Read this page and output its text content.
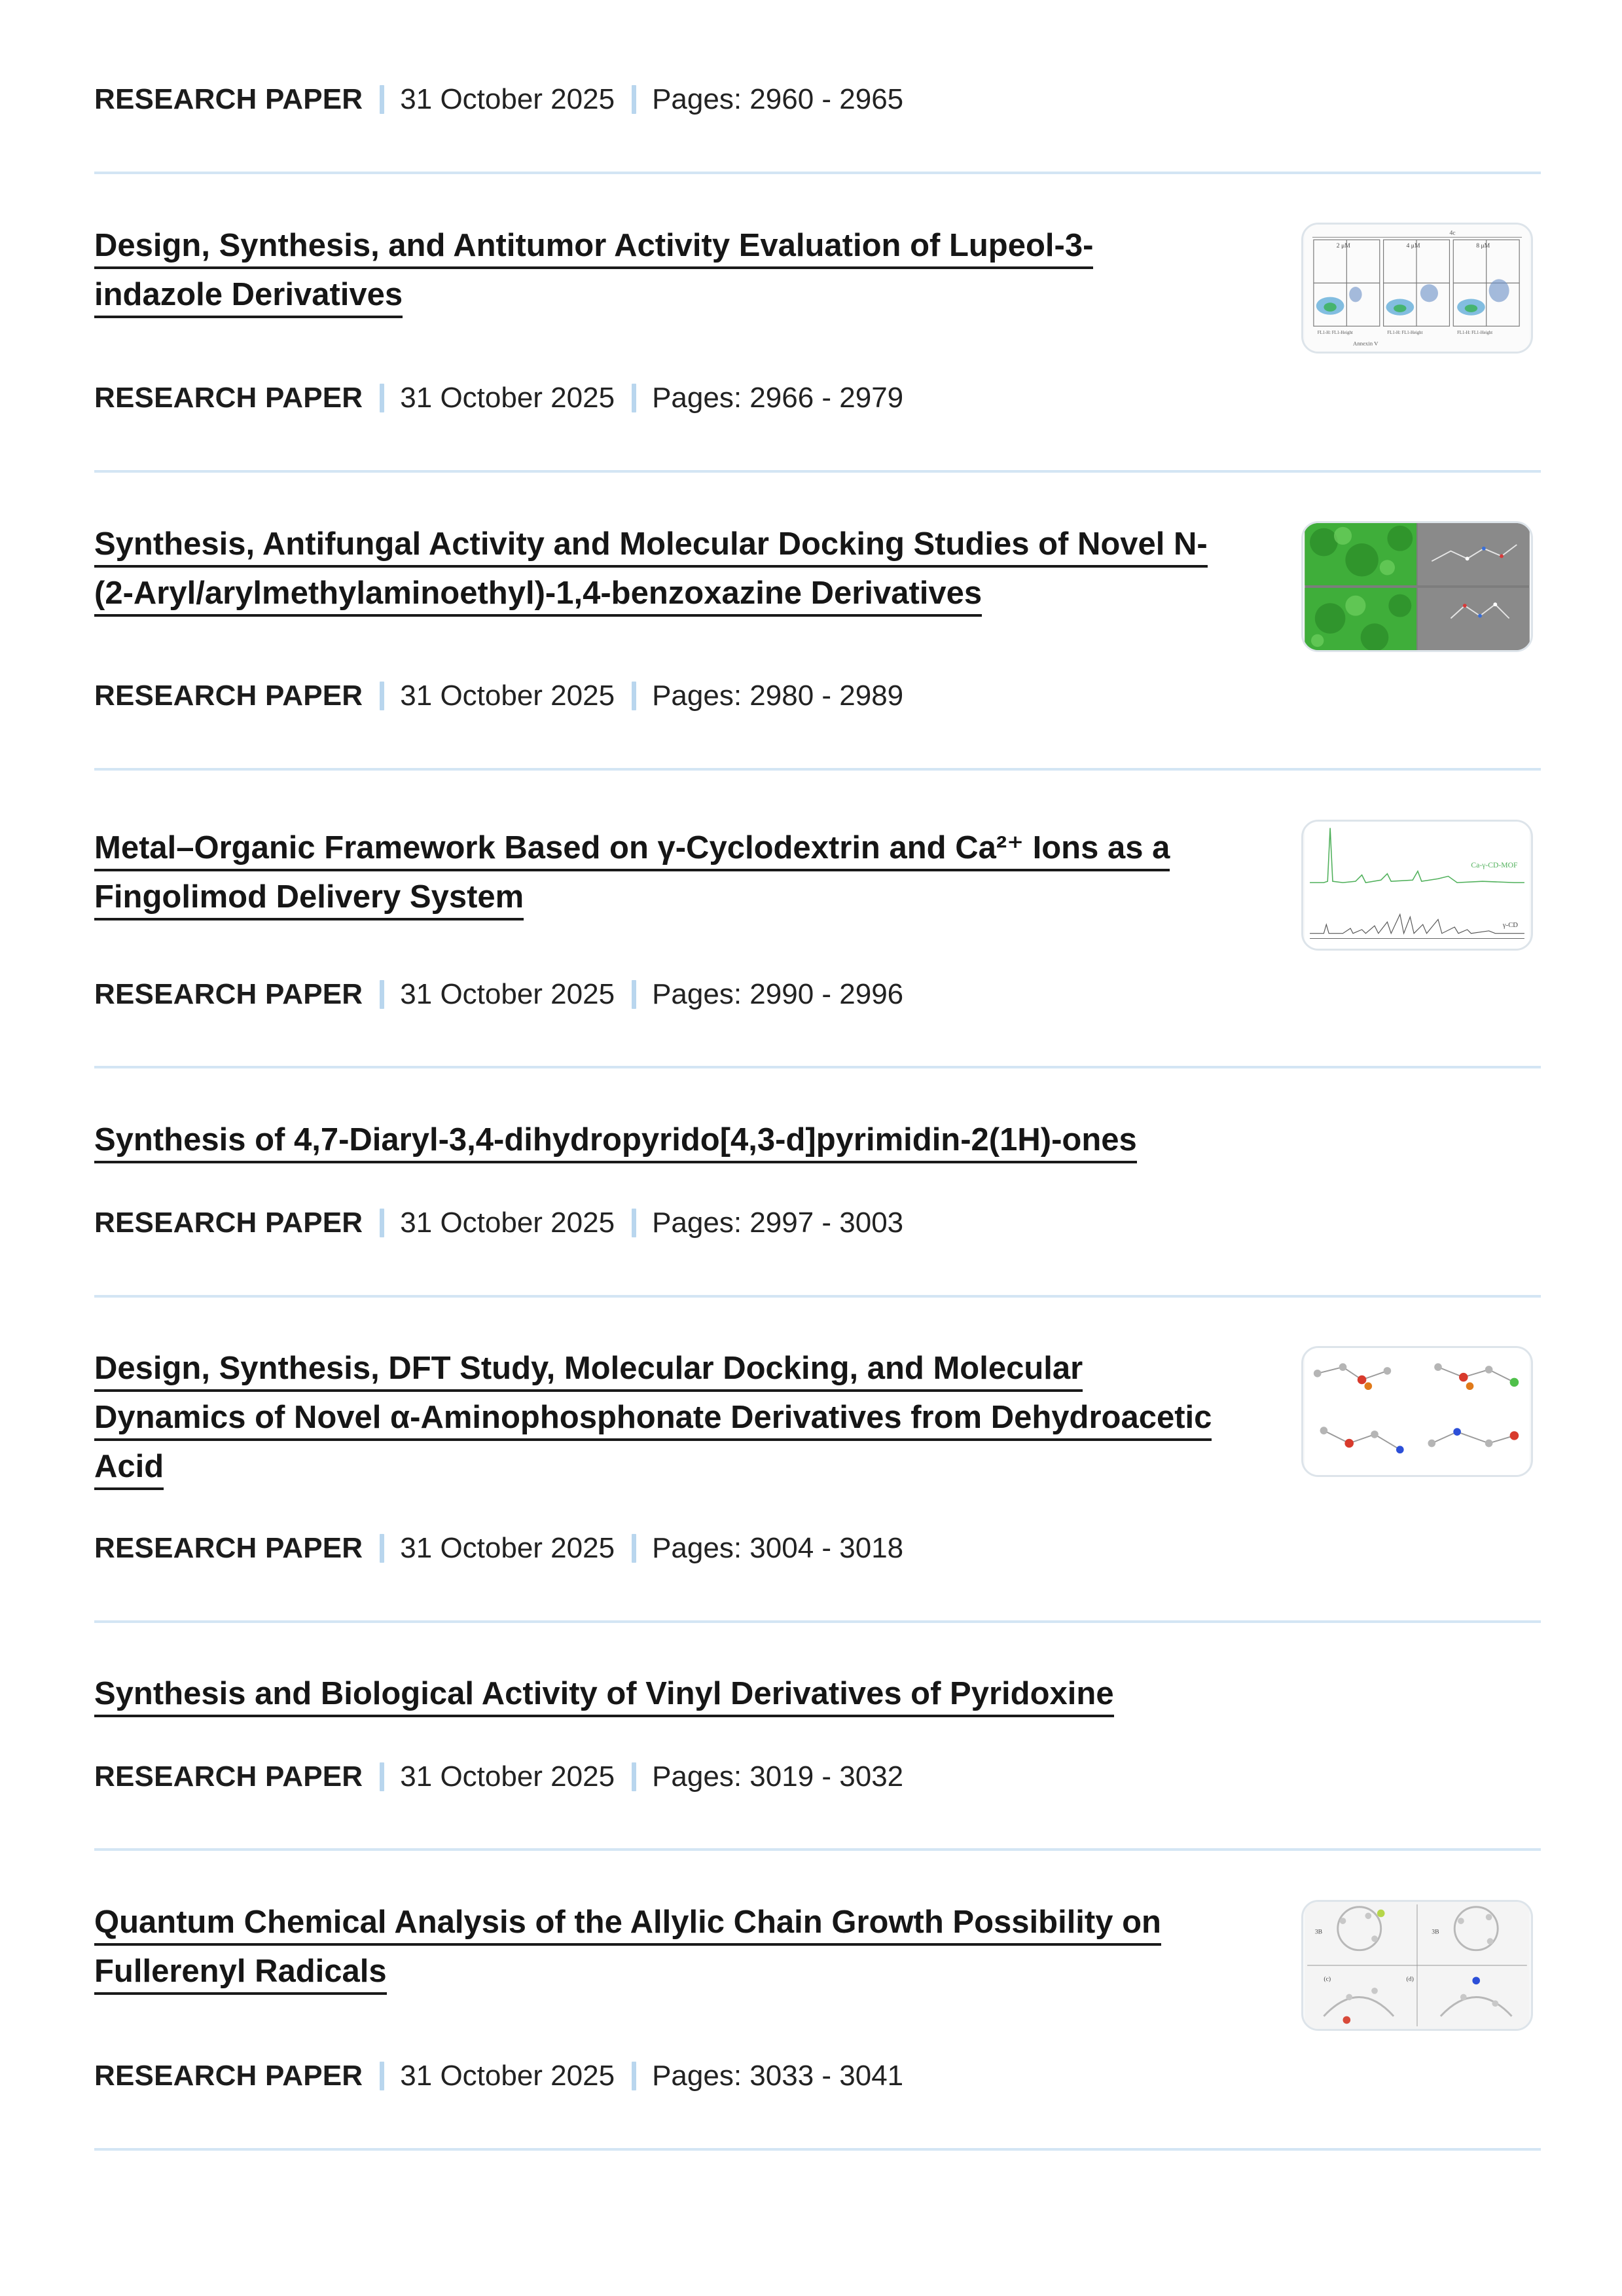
RESEARCH PAPER 31 October 2025 Pages: 2960 - 2965
Design, Synthesis, and Antitumor Activity Evaluation of Lupeol-3-
indazole Derivatives
4c
2 μM	4 μM	8 μM
FL1-H: FL1-Height	FL1-H: FL1-Height	FL1-H: FL1-Height
Annexin V
RESEARCH PAPER 31 October 2025 Pages: 2966 - 2979
Synthesis, Antifungal Activity and Molecular Docking Studies of Novel N-
(2-Aryl/arylmethylaminoethyl)-1,4-benzoxazine Derivatives
RESEARCH PAPER 31 October 2025 Pages: 2980 - 2989
Metal–Organic Framework Based on γ-Cyclodextrin and Ca²⁺ Ions as a
Fingolimod Delivery System
Ca-γ-CD-MOF
γ-CD
RESEARCH PAPER 31 October 2025 Pages: 2990 - 2996
Synthesis of 4,7-Diaryl-3,4-dihydropyrido[4,3-d]pyrimidin-2(1H)-ones
RESEARCH PAPER 31 October 2025 Pages: 2997 - 3003
Design, Synthesis, DFT Study, Molecular Docking, and Molecular
Dynamics of Novel α-Aminophosphonate Derivatives from Dehydroacetic
Acid
RESEARCH PAPER 31 October 2025 Pages: 3004 - 3018
Synthesis and Biological Activity of Vinyl Derivatives of Pyridoxine
RESEARCH PAPER 31 October 2025 Pages: 3019 - 3032
Quantum Chemical Analysis of the Allylic Chain Growth Possibility on
Fullerenyl Radicals
3B	3B
(c)	(d)
RESEARCH PAPER 31 October 2025 Pages: 3033 - 3041
